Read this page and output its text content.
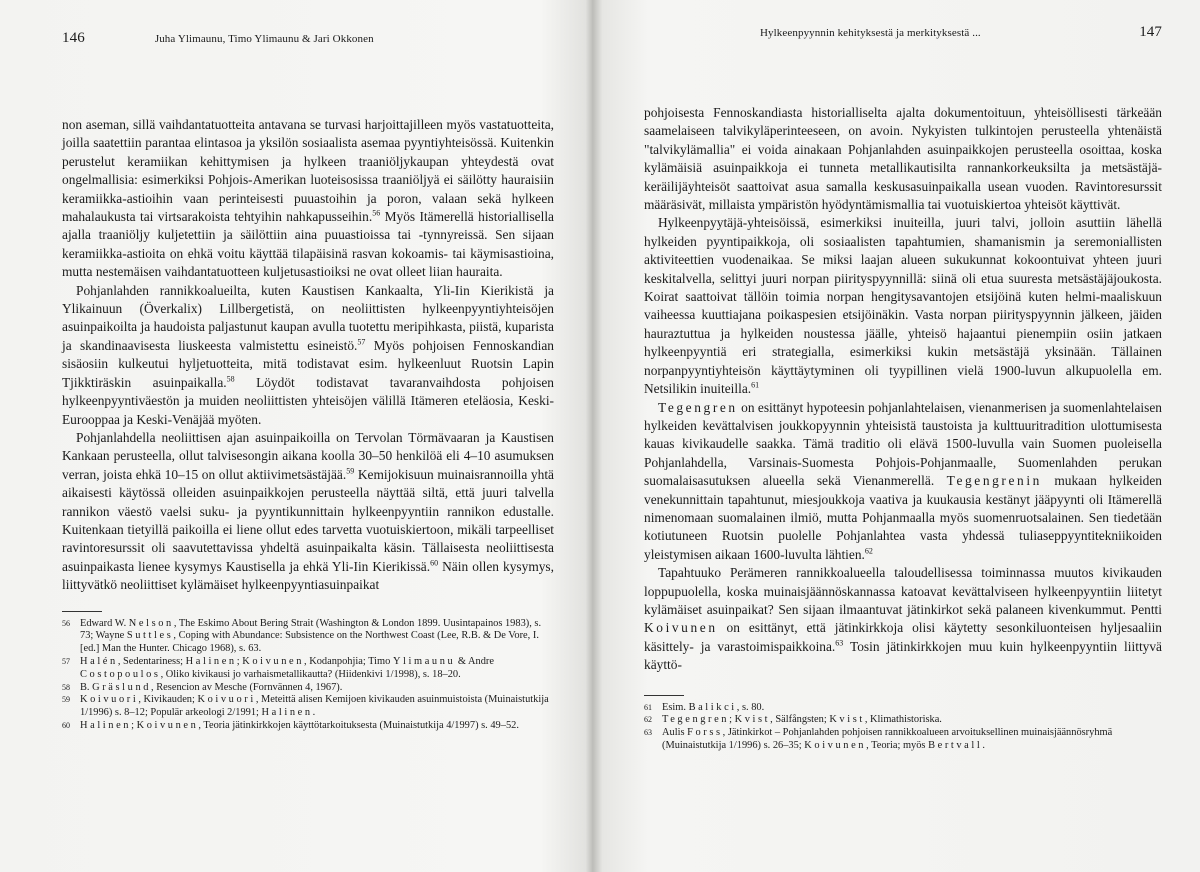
146	Juha Ylimaunu, Timo Ylimaunu & Jari Okkonen

non aseman, sillä vaihdantatuotteita antavana se turvasi harjoittajilleen myös vastatuotteita, joilla saatettiin parantaa elintasoa ja yksilön sosiaalista asemaa pyyntiyhteisössä. Kuitenkin perustelut keramiikan kehittymisen ja hylkeen traaniöljykaupan yhteydestä ovat ongelmallisia: esimerkiksi Pohjois-Amerikan luoteisosissa traaniöljyä ei säilötty hauraisiin keramiikka-astioihin vaan perinteisesti puuastoihin ja poron, valaan sekä hylkeen mahalaukusta tai virtsarakoista tehtyihin nahkapusseihin.$^{56}$ Myös Itämerellä historiallisella ajalla traaniöljy kuljetettiin ja säilöttiin aina puuastioissa tai -tynnyreissä. Sen sijaan keramiikka-astioita on ehkä voitu käyttää tilapäisinä rasvan kokoamis- tai käymisastioina, mutta nestemäisen vaihdantatuotteen kuljetusastioiksi ne ovat olleet liian hauraita.

Pohjanlahden rannikkoalueilta, kuten Kaustisen Kankaalta, Yli-Iin Kierikistä ja Ylikainuun (Överkalix) Lillbergetistä, on neoliittisten hylkeenpyyntiyhteisöjen asuinpaikoilta ja haudoista paljastunut kaupan avulla tuotettu meripihkasta, piistä, kuparista ja skandinaavisesta liuskeesta valmistettu esineistö.$^{57}$ Myös pohjoisen Fennoskandian sisäosiin kulkeutui hyljetuotteita, mitä todistavat esim. hylkeenluut Ruotsin Lapin Tjikktiräskin asuinpaikalla.$^{58}$ Löydöt todistavat tavaranvaihdosta pohjoisen hylkeenpyyntiväestön ja muiden neoliittisten yhteisöjen välillä Itämeren eteläosia, Keski-Eurooppaa ja Keski-Venäjää myöten.

Pohjanlahdella neoliittisen ajan asuinpaikoilla on Tervolan Törmävaaran ja Kaustisen Kankaan perusteella, ollut talvisesongin aikana koolla 30–50 henkilöä eli 4–10 asumuksen verran, joista ehkä 10–15 on ollut aktiivimetsästäjää.$^{59}$ Kemijokisuun muinaisrannoilla yhtä aikaisesti käytössä olleiden asuinpaikkojen perusteella näyttää siltä, että juuri talvella rannikon väestö vaelsi suku- ja pyyntikunnittain hylkeenpyyntiin rannikon edustalle. Kuitenkaan tietyillä paikoilla ei liene ollut edes tarvetta vuotuiskiertoon, mikäli tarpeelliset ravintoresurssit oli saavutettavissa yhdeltä asuinpaikalta käsin. Tällaisesta neoliittisesta asuinpaikasta lienee kysymys Kaustisella ja ehkä Yli-Iin Kierikissä.$^{60}$ Näin ollen kysymys, liittyvätkö neoliittiset kylämäiset hylkeenpyyntiasuinpaikat

56 Edward W. Nelson, The Eskimo About Bering Strait (Washington & London 1899. Uusintapainos 1983), s. 73; Wayne Suttles, Coping with Abundance: Subsistence on the Northwest Coast (Lee, R.B. & De Vore, I. [ed.] Man the Hunter. Chicago 1968), s. 63.
57 Halén, Sedentariness; Halinen; Koivunen, Kodanpohjia; Timo Ylimaunu & Andre Costopoulos, Oliko kivikausi jo varhaismetallikautta? (Hiidenkivi 1/1998), s. 18–20.
58 B. Gräslund, Resencion av Mesche (Fornvännen 4, 1967).
59 Koivuori, Kivikauden; Koivuori, Meteittä alisen Kemijoen kivikauden asuinmuistoista (Muinaistutkija 1/1996) s. 8–12; Populär arkeologi 2/1991; Halinen.
60 Halinen; Koivunen, Teoria jätinkirkkojen käyttötarkoituksesta (Muinaistutkija 4/1997) s. 49–52.
Hylkeenpyynnin kehityksestä ja merkityksestä ...	147

pohjoisesta Fennoskandiasta historialliselta ajalta dokumentoituun, yhteisöllisesti tärkeään saamelaiseen talvikyläperinteeseen, on avoin. Nykyisten tulkintojen perusteella yhtenäistä "talvikylämallia" ei voida ainakaan Pohjanlahden asuinpaikkojen perusteella osoittaa, koska kylämäisiä asuinpaikkoja ei tunneta metallikautisilta rannankorkeuksilta ja metsästäjä-keräilijäyhteisöt saattoivat asua samalla keskusasuinpaikalla usean vuoden. Ravintoresurssit määräsivät, millaista ympäristön hyödyntämismallia tai vuotuiskiertoa yhteisöt käyttivät.

Hylkeenpyytäjä-yhteisöissä, esimerkiksi inuiteilla, juuri talvi, jolloin asuttiin lähellä hylkeiden pyyntipaikkoja, oli sosiaalisten tapahtumien, shamanismin ja seremoniallisten aktiviteettien vuodenaikaa. Se miksi laajan alueen sukukunnat kokoontuivat yhteen juuri keskitalvella, selittyi juuri norpan piirityspyynnillä: siinä oli etua suuresta metsästäjäjoukosta. Koirat saattoivat tällöin toimia norpan hengitysavantojen etsijöinä kuten helmi-maaliskuun vaiheessa kuuttiajana poikaspesien etsijöinäkin. Vasta norpan piirityspyynnin jälkeen, jäiden hauraztuttua ja hylkeiden noustessa jäälle, yhteisö hajaantui pienempiin osiin jatkaen hylkeenpyyntiä eri strategialla, esimerkiksi kukin metsästäjä yksinään. Tällainen norpanpyyntiyhteisön käyttäytyminen oli tyypillinen vielä 1900-luvun alkupuolella em. Netsilikin inuiteilla.$^{61}$

Tegengren on esittänyt hypoteesin pohjanlahtelaisen, vienanmerisen ja suomenlahtelaisen hylkeiden kevättalvisen joukkopyynnin yhteisistä taustoista ja kulttuuritradition ulottumisesta kauas kivikaudelle saakka. Tämä traditio oli elävä 1500-luvulla vain Suomen puoleisella Pohjanlahdella, Varsinais-Suomesta Pohjois-Pohjanmaalle, Suomenlahden perukan suomalaisasutuksen alueella sekä Vienanmerellä. Tegengrenin mukaan hylkeiden venekunnittain tapahtunut, miesjoukkoja vaativa ja kuukausia kestänyt jääpyynti oli Itämerellä nimenomaan suomalainen ilmiö, mutta Pohjanmaalla myös suomenruotsalainen. Sen tiedetään kotiutuneen Ruotsin puolelle Pohjanlahtea vasta yhdessä tuliaseppyyntitekniikoiden yleistymisen aikaan 1600-luvulta lähtien.$^{62}$

Tapahtuuko Perämeren rannikkoalueella taloudellisessa toiminnassa muutos kivikauden loppupuolella, koska muinaisjäännöskannassa katoavat kevättalviseen hylkeenpyyntiin liitetyt kylämäiset asuinpaikat? Sen sijaan ilmaantuvat jätinkirkot sekä palaneen kivenkummut. Pentti Koivunen on esittänyt, että jätinkirkkoja olisi käytetty sesonkiluonteisen hyljesaaliin käsittely- ja varastoimispaikkoina.$^{63}$ Tosin jätinkirkkojen muu kuin hylkeenpyyntiin liittyvä käyttö-

61 Esim. Balikci, s. 80.
62 Tegengren; Kvist, Sälfångsten; Kvist, Klimathistoriska.
63 Aulis Forss, Jätinkirkot – Pohjanlahden pohjoisen rannikkoalueen arvoituksellinen muinaisjäännösryhmä (Muinaistutkija 1/1996) s. 26–35; Koivunen, Teoria; myös Bertvall.
